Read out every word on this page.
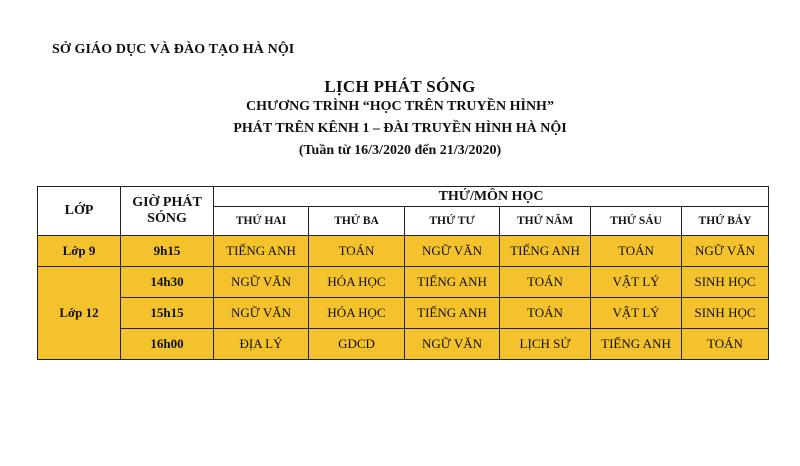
SỞ GIÁO DỤC VÀ ĐÀO TẠO HÀ NỘI
LỊCH PHÁT SÓNG
CHƯƠNG TRÌNH “HỌC TRÊN TRUYỀN HÌNH”
PHÁT TRÊN KÊNH 1 – ĐÀI TRUYỀN HÌNH HÀ NỘI
(Tuần từ 16/3/2020 đến 21/3/2020)
LỚP	GIỜ PHÁT SÓNG	THỨ/MÔN HỌC					
		THỨ HAI	THỨ BA	THỨ TƯ	THỨ NĂM	THỨ SÁU	THỨ BẢY
Lớp 9	9h15	TIẾNG ANH	TOÁN	NGỮ VĂN	TIẾNG ANH	TOÁN	NGỮ VĂN
Lớp 12	14h30	NGỮ VĂN	HÓA HỌC	TIẾNG ANH	TOÁN	VẬT LÝ	SINH HỌC
	15h15	NGỮ VĂN	HÓA HỌC	TIẾNG ANH	TOÁN	VẬT LÝ	SINH HỌC
	16h00	ĐỊA LÝ	GDCD	NGỮ VĂN	LỊCH SỬ	TIẾNG ANH	TOÁN
